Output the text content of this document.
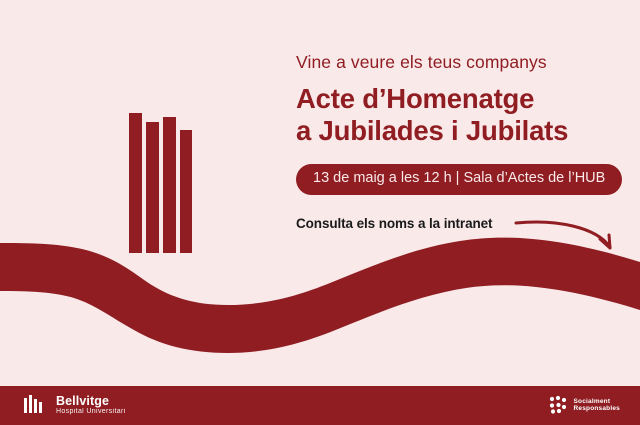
Vine a veure els teus companys

Acte d’Homenatge
a Jubilades i Jubilats
13 de maig a les 12 h | Sala d’Actes de l’HUB
Consulta els noms a la intranet
Bellvitge
Hospital Universitari
Socialment
Responsables
